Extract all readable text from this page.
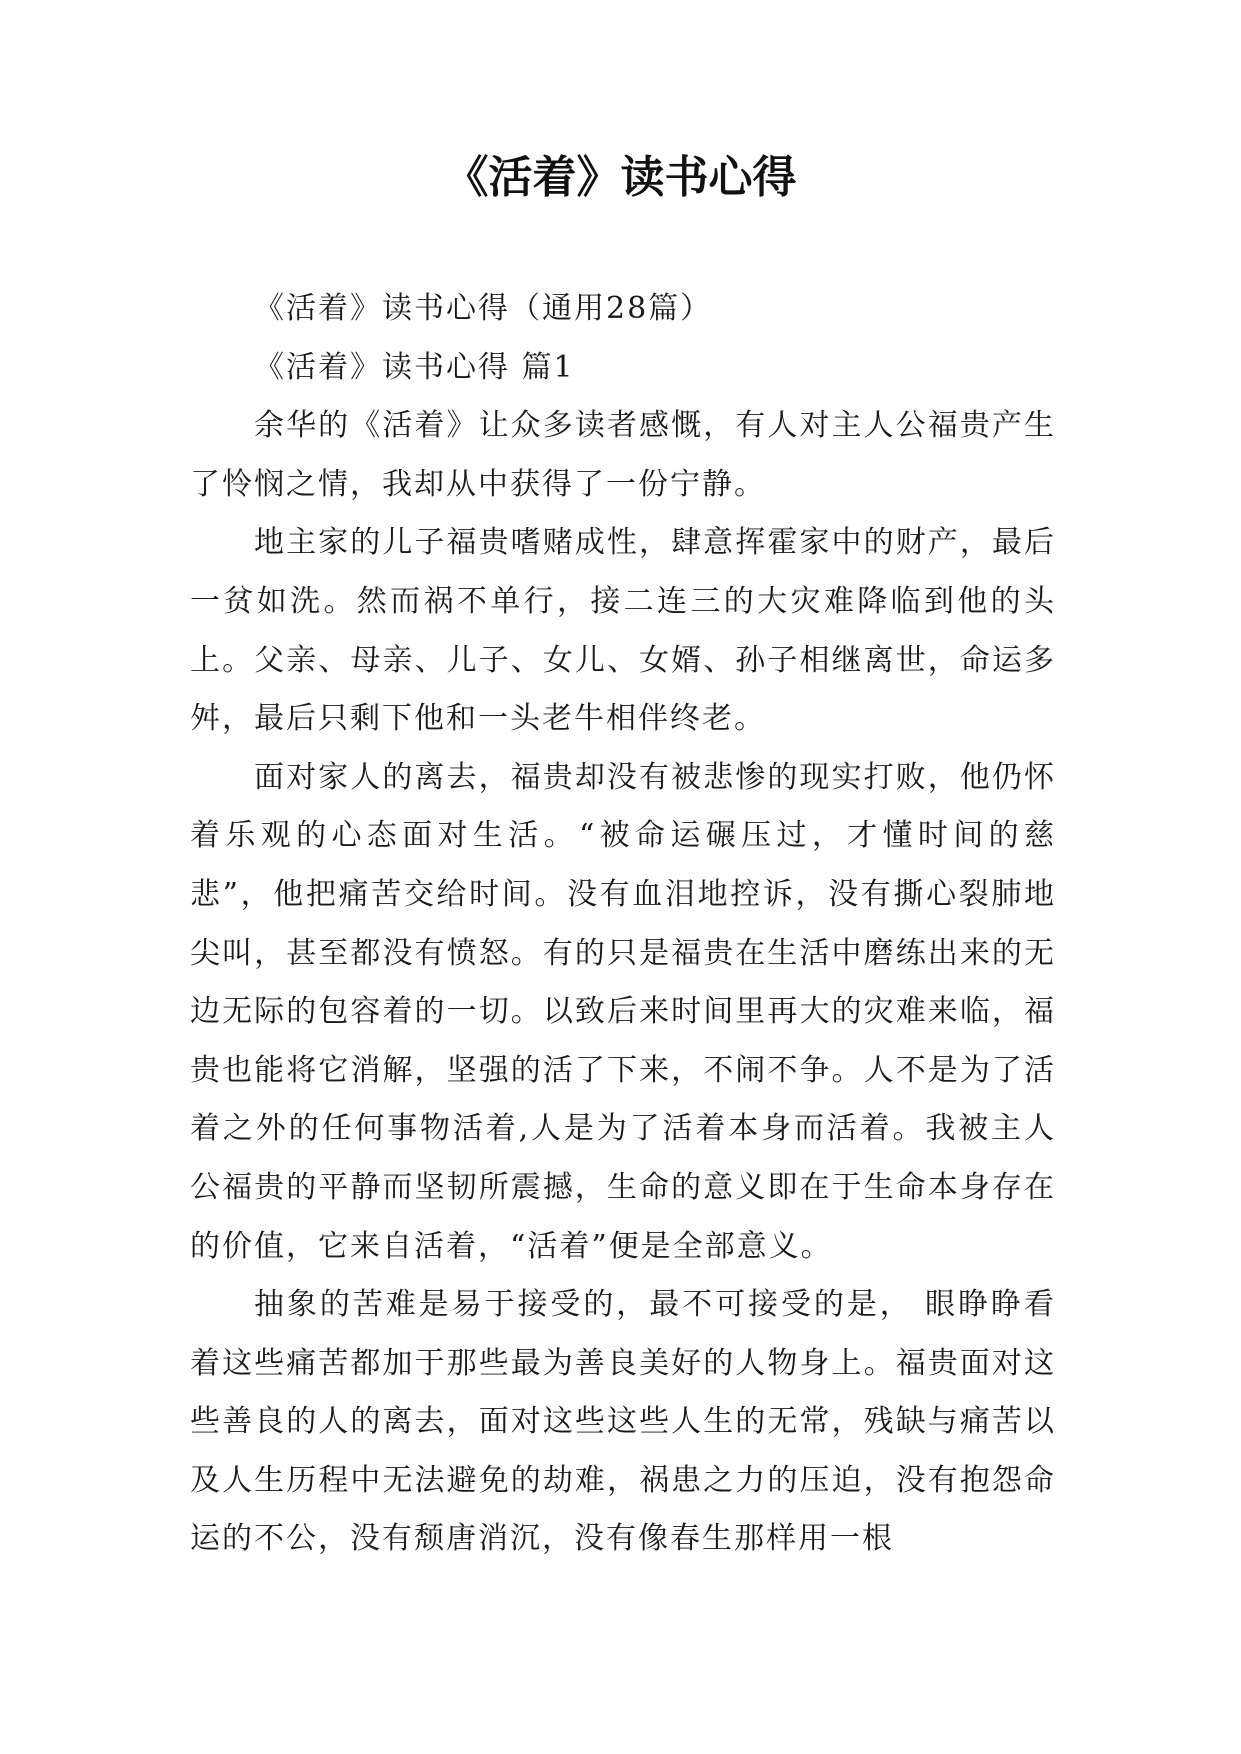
《活着》读书心得

《活着》读书心得（通用28篇）

《活着》读书心得 篇1

余华的《活着》让众多读者感慨，有人对主人公福贵产生了怜悯之情，我却从中获得了一份宁静。

地主家的儿子福贵嗜赌成性，肆意挥霍家中的财产，最后一贫如洗。然而祸不单行，接二连三的大灾难降临到他的头上。父亲、母亲、儿子、女儿、女婿、孙子相继离世，命运多舛，最后只剩下他和一头老牛相伴终老。

面对家人的离去，福贵却没有被悲惨的现实打败，他仍怀着乐观的心态面对生活。“被命运碾压过，才懂时间的慈悲”，他把痛苦交给时间。没有血泪地控诉，没有撕心裂肺地尖叫，甚至都没有愤怒。有的只是福贵在生活中磨练出来的无边无际的包容着的一切。以致后来时间里再大的灾难来临，福贵也能将它消解，坚强的活了下来，不闹不争。人不是为了活着之外的任何事物活着,人是为了活着本身而活着。我被主人公福贵的平静而坚韧所震撼，生命的意义即在于生命本身存在的价值，它来自活着，“活着”便是全部意义。

抽象的苦难是易于接受的，最不可接受的是， 眼睁睁看着这些痛苦都加于那些最为善良美好的人物身上。福贵面对这些善良的人的离去，面对这些这些人生的无常，残缺与痛苦以及人生历程中无法避免的劫难，祸患之力的压迫，没有抱怨命运的不公，没有颓唐消沉，没有像春生那样用一根
